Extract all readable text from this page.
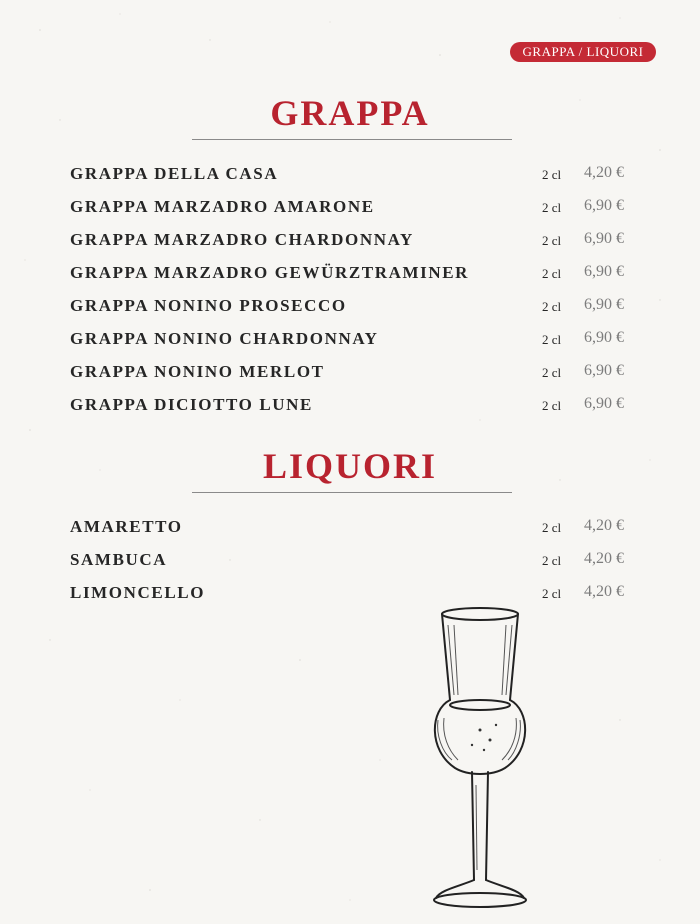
GRAPPA / LIQUORI
GRAPPA
GRAPPA DELLA CASA	2 cl 4,20 €
GRAPPA MARZADRO AMARONE	2 cl 6,90 €
GRAPPA MARZADRO CHARDONNAY	2 cl 6,90 €
GRAPPA MARZADRO GEWÜRZTRAMINER	2 cl 6,90 €
GRAPPA NONINO PROSECCO	2 cl 6,90 €
GRAPPA NONINO CHARDONNAY	2 cl 6,90 €
GRAPPA NONINO MERLOT	2 cl 6,90 €
GRAPPA DICIOTTO LUNE	2 cl 6,90 €
LIQUORI
AMARETTO	2 cl 4,20 €
SAMBUCA	2 cl 4,20 €
LIMONCELLO	2 cl 4,20 €
